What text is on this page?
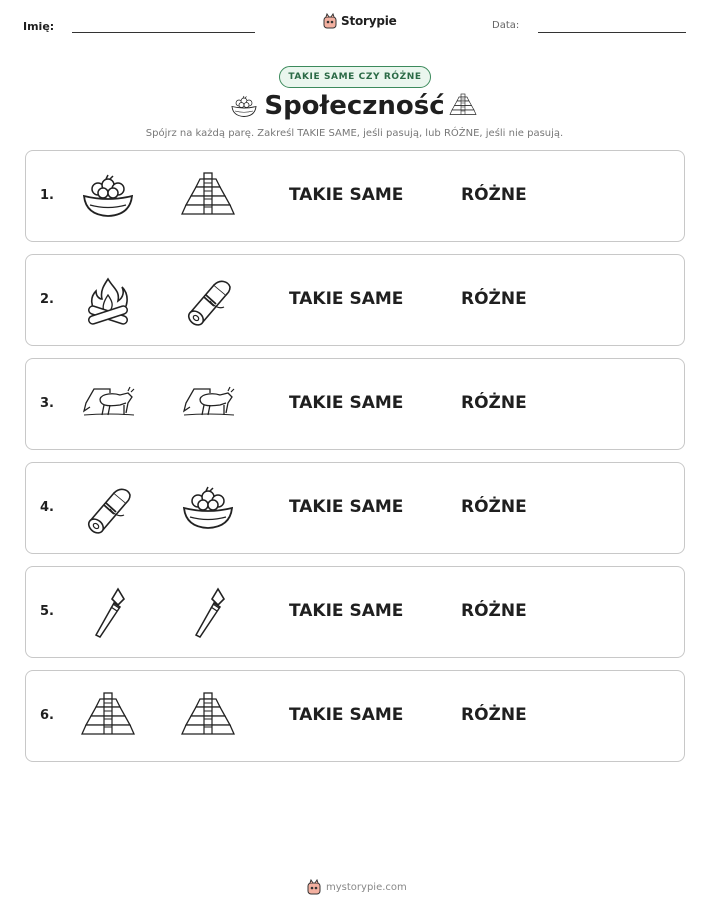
Imię:	Storypie	Data:
TAKIE SAME CZY RÓŻNE
Społeczność
Spójrz na każdą parę. Zakreśl TAKIE SAME, jeśli pasują, lub RÓŻNE, jeśli nie pasują.
1.	TAKIE SAME	RÓŻNE
2.	TAKIE SAME	RÓŻNE
3.	TAKIE SAME	RÓŻNE
4.	TAKIE SAME	RÓŻNE
5.	TAKIE SAME	RÓŻNE
6.	TAKIE SAME	RÓŻNE
mystorypie.com
